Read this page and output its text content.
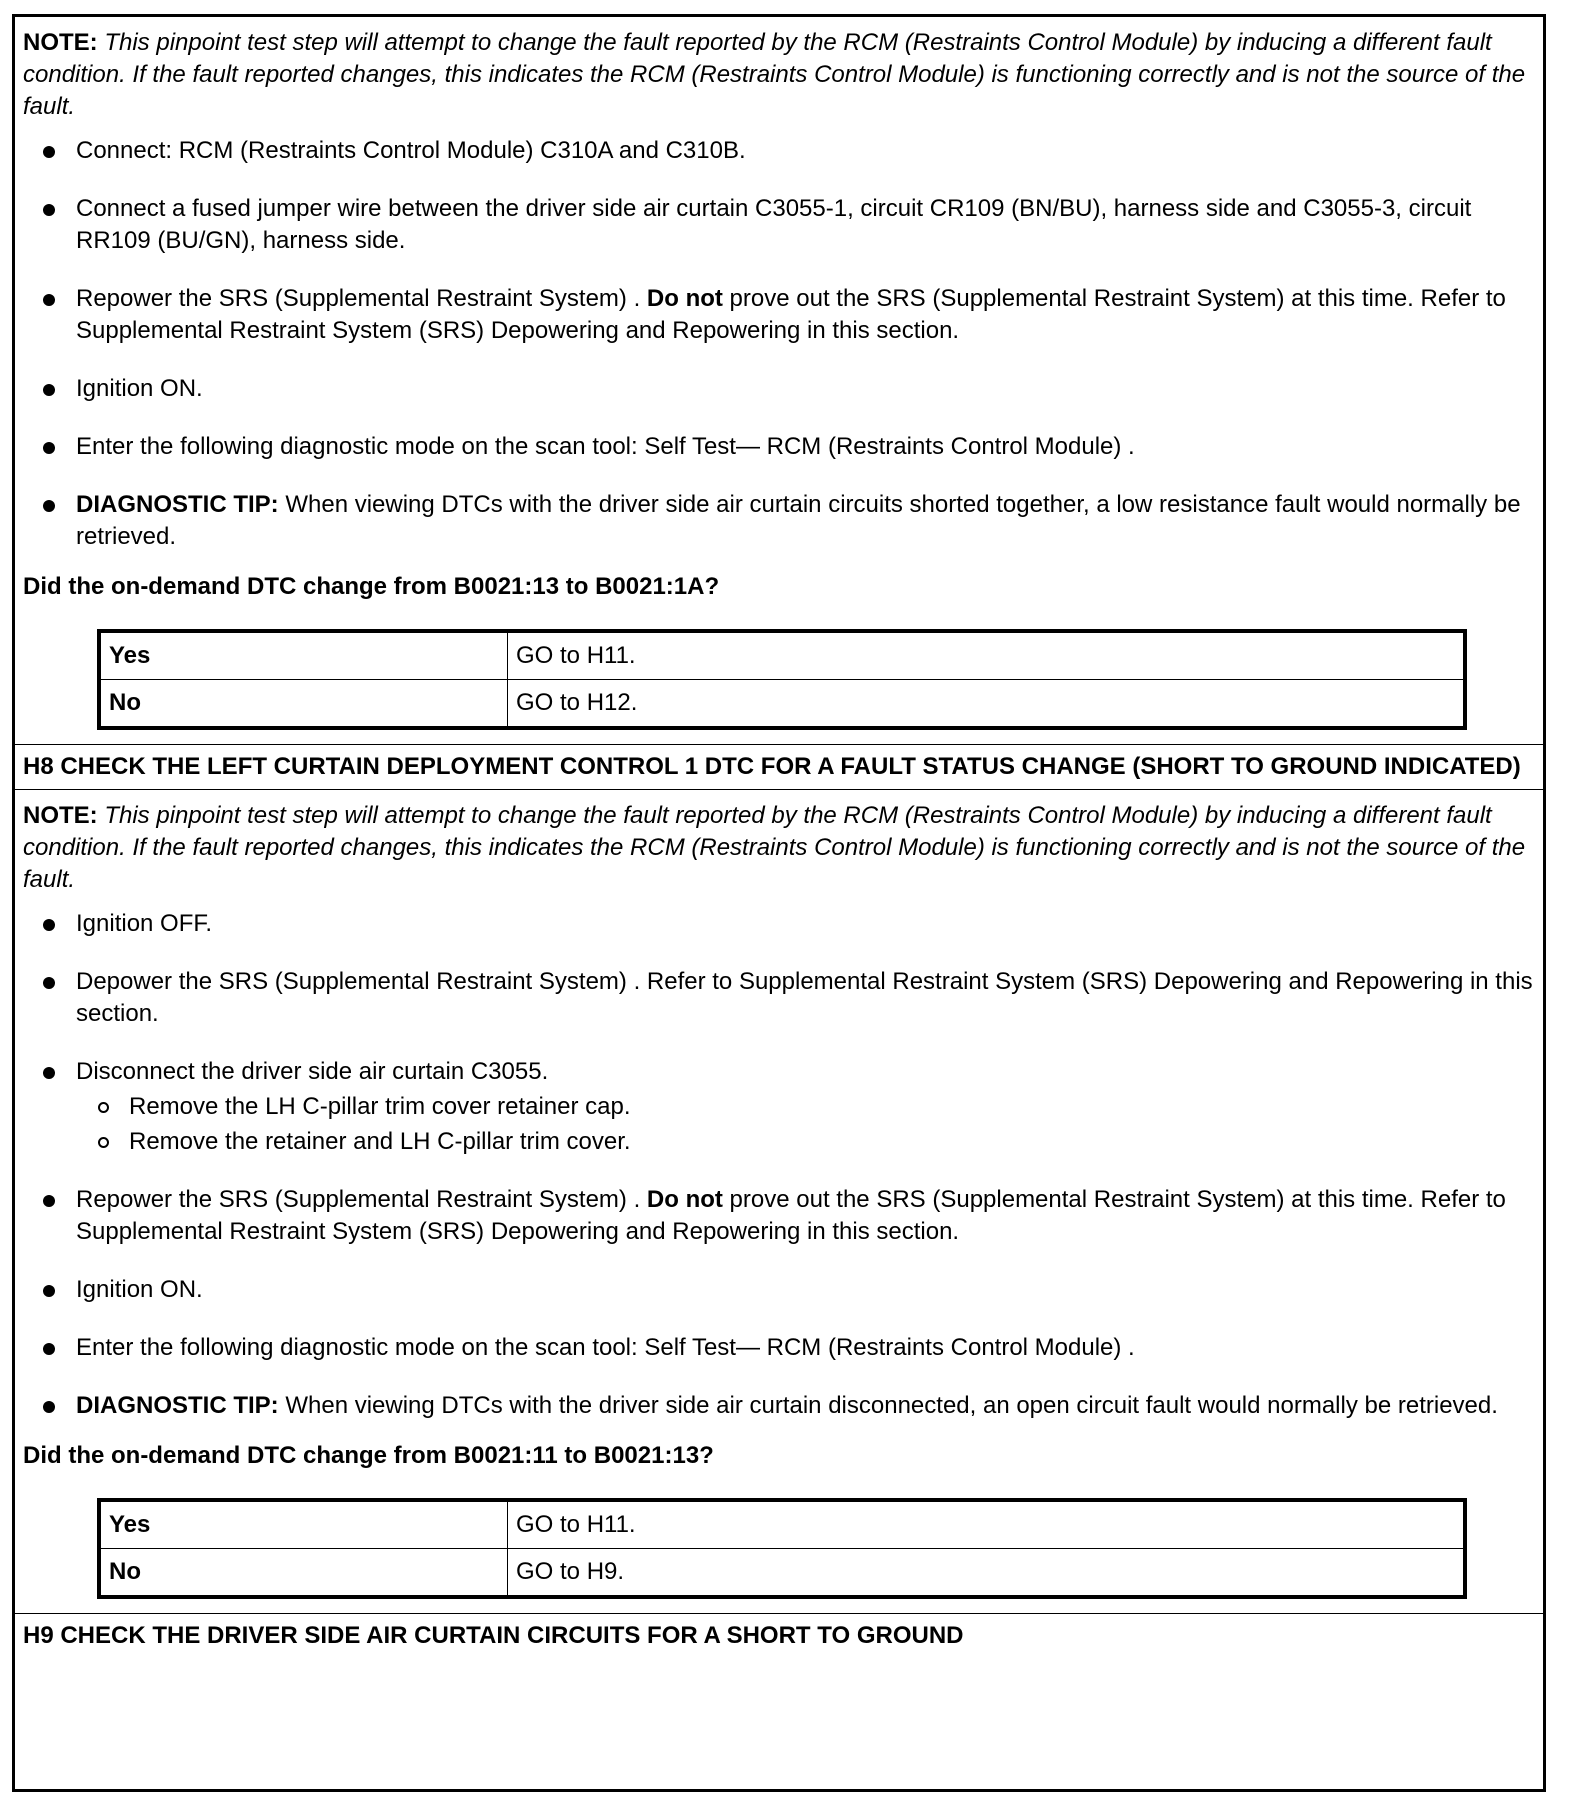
NOTE: This pinpoint test step will attempt to change the fault reported by the RCM (Restraints Control Module) by inducing a different fault condition. If the fault reported changes, this indicates the RCM (Restraints Control Module) is functioning correctly and is not the source of the fault.

Connect: RCM (Restraints Control Module) C310A and C310B.
Connect a fused jumper wire between the driver side air curtain C3055-1, circuit CR109 (BN/BU), harness side and C3055-3, circuit RR109 (BU/GN), harness side.
Repower the SRS (Supplemental Restraint System) . Do not prove out the SRS (Supplemental Restraint System) at this time. Refer to Supplemental Restraint System (SRS) Depowering and Repowering in this section.
Ignition ON.
Enter the following diagnostic mode on the scan tool: Self Test— RCM (Restraints Control Module) .
DIAGNOSTIC TIP: When viewing DTCs with the driver side air curtain circuits shorted together, a low resistance fault would normally be retrieved.
Did the on-demand DTC change from B0021:13 to B0021:1A?
Yes	GO to H11.
No	GO to H12.
H8 CHECK THE LEFT CURTAIN DEPLOYMENT CONTROL 1 DTC FOR A FAULT STATUS CHANGE (SHORT TO GROUND INDICATED)

NOTE: This pinpoint test step will attempt to change the fault reported by the RCM (Restraints Control Module) by inducing a different fault condition. If the fault reported changes, this indicates the RCM (Restraints Control Module) is functioning correctly and is not the source of the fault.

Ignition OFF.
Depower the SRS (Supplemental Restraint System) . Refer to Supplemental Restraint System (SRS) Depowering and Repowering in this section.
Disconnect the driver side air curtain C3055.
Remove the LH C-pillar trim cover retainer cap.
Remove the retainer and LH C-pillar trim cover.
Repower the SRS (Supplemental Restraint System) . Do not prove out the SRS (Supplemental Restraint System) at this time. Refer to Supplemental Restraint System (SRS) Depowering and Repowering in this section.
Ignition ON.
Enter the following diagnostic mode on the scan tool: Self Test— RCM (Restraints Control Module) .
DIAGNOSTIC TIP: When viewing DTCs with the driver side air curtain disconnected, an open circuit fault would normally be retrieved.
Did the on-demand DTC change from B0021:11 to B0021:13?
Yes	GO to H11.
No	GO to H9.
H9 CHECK THE DRIVER SIDE AIR CURTAIN CIRCUITS FOR A SHORT TO GROUND
